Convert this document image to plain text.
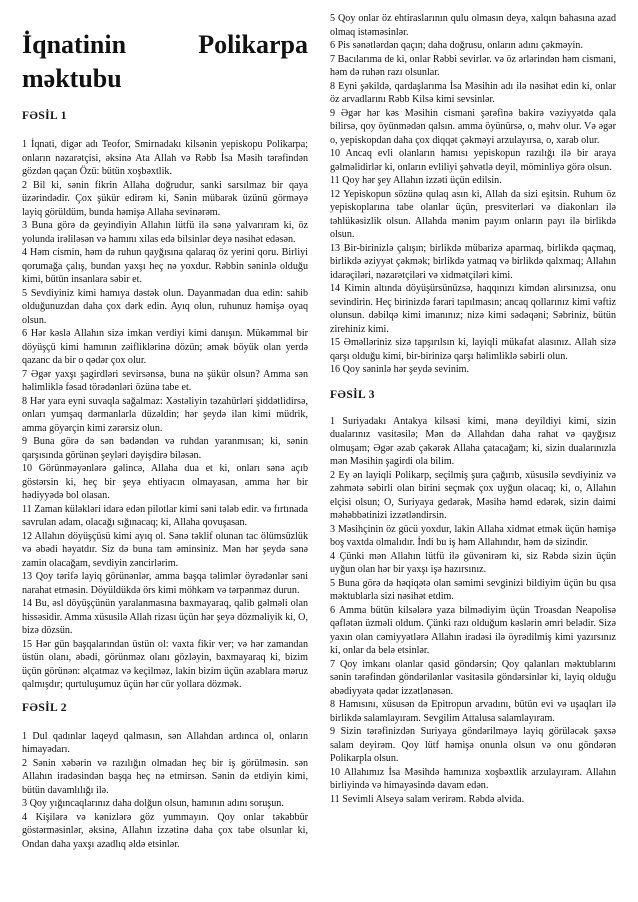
İqnatinin	Polikarpa
məktubu
FƏSİL 1

1 İqnati, digər adı Teofor, Smirnadakı kilsənin yepiskopu Polikarpa; onların nəzarətçisi, əksinə Ata Allah və Rəbb İsa Məsih tərəfindən gözdən qaçan Özü: bütün xoşbəxtlik.

2 Bil ki, sənin fikrin Allaha doğrudur, sanki sarsılmaz bir qaya üzərindədir. Çox şükür edirəm ki, Sənin mübarək üzünü görməyə layiq görüldüm, bunda həmişə Allaha sevinərəm.

3 Buna görə də geyindiyin Allahın lütfü ilə sənə yalvarıram ki, öz yolunda irəliləsən və hamını xilas edə bilsinlər deyə nəsihət edəsən.

4 Həm cismin, həm də ruhun qayğısına qalaraq öz yerini qoru. Birliyi qorumağa çalış, bundan yaxşı heç nə yoxdur. Rəbbin səninlə olduğu kimi, bütün insanlara səbir et.

5 Sevdiyiniz kimi hamıya dəstək olun. Dayanmadan dua edin: sahib olduğunuzdan daha çox dərk edin. Ayıq olun, ruhunuz həmişə oyaq olsun.

6 Hər kəslə Allahın sizə imkan verdiyi kimi danışın. Mükəmməl bir döyüşçü kimi hamının zəifliklərinə dözün; əmək böyük olan yerdə qazanc da bir o qədər çox olur.

7 Əgər yaxşı şagirdləri sevirsənsə, buna nə şükür olsun? Amma sən həlimliklə fəsad törədənləri özünə tabe et.

8 Hər yara eyni suvaqla sağalmaz: Xəstəliyin təzahürləri şiddətlidirsə, onları yumşaq dərmanlarla düzəldin; hər şeydə ilan kimi müdrik, amma göyərçin kimi zərərsiz olun.

9 Buna görə də sən bədəndən və ruhdan yaranmısan; ki, sənin qarşısında görünən şeyləri dəyişdirə biləsən.

10 Görünməyənlərə gəlincə, Allaha dua et ki, onları sənə açıb göstərsin ki, heç bir şeyə ehtiyacın olmayasan, amma hər bir hədiyyədə bol olasan.

11 Zaman küləkləri idarə edən pilotlar kimi səni tələb edir. və fırtınada savrulan adam, olacağı sığınacaq; ki, Allaha qovuşasan.

12 Allahın döyüşçüsü kimi ayıq ol. Sənə təklif olunan tac ölümsüzlük və əbədi həyatdır. Siz də buna tam əminsiniz. Mən hər şeydə sənə zamin olacağam, sevdiyin zəncirlərim.

13 Qoy tərifə layiq görünənlər, amma başqa təlimlər öyrədənlər səni narahat etməsin. Döyüldükdə örs kimi möhkəm və tərpənməz durun.

14 Bu, əsl döyüşçünün yaralanmasına baxmayaraq, qalib gəlməli olan hissəsidir. Amma xüsusilə Allah rizası üçün hər şeyə dözməliyik ki, O, bizə dözsün.

15 Hər gün başqalarından üstün ol: vaxta fikir ver; və hər zamandan üstün olanı, əbədi, görünməz olanı gözləyin, baxmayaraq ki, bizim üçün görünən: əlçatmaz və keçilməz, lakin bizim üçün əzablara məruz qalmışdır; qurtuluşumuz üçün hər cür yollara dözmək.

FƏSİL 2

1 Dul qadınlar laqeyd qalmasın, sən Allahdan ardınca ol, onların himayədarı.

2 Sənin xəbərin və razılığın olmadan heç bir iş görülməsin. sən Allahın iradəsindən başqa heç nə etmirsən. Sənin də etdiyin kimi, bütün davamlılığı ilə.

3 Qoy yığıncaqlarınız daha dolğun olsun, hamının adını soruşun.

4 Kişilərə və kənizlərə göz yummayın. Qoy onlar təkəbbür göstərməsinlər, əksinə, Allahın izzətinə daha çox tabe olsunlar ki, Ondan daha yaxşı azadlıq əldə etsinlər.

5 Qoy onlar öz ehtiraslarının qulu olmasın deyə, xalqın bahasına azad olmaq istəməsinlər.

6 Pis sənətlərdən qaçın; daha doğrusu, onların adını çəkməyin.

7 Bacılarıma de ki, onlar Rəbbi sevirlər. və öz ərlərindən həm cismani, həm də ruhən razı olsunlar.

8 Eyni şəkildə, qardaşlarıma İsa Məsihin adı ilə nəsihət edin ki, onlar öz arvadlarını Rəbb Kilsə kimi sevsinlər.

9 Əgər hər kəs Məsihin cismani şərəfinə bakirə vəziyyətdə qala bilirsə, qoy öyünmədən qalsın. amma öyünürsə, o, məhv olur. Və əgər o, yepiskopdan daha çox diqqət çəkməyi arzulayırsa, o, xarab olur.

10 Ancaq evli olanların hamısı yepiskopun razılığı ilə bir araya gəlməlidirlər ki, onların evliliyi şəhvətlə deyil, möminliyə görə olsun.

11 Qoy hər şey Allahın izzəti üçün edilsin.

12 Yepiskopun sözünə qulaq asın ki, Allah da sizi eşitsin. Ruhum öz yepiskoplarına tabe olanlar üçün, presviterləri və diakonları ilə təhlükəsizlik olsun. Allahda mənim payım onların payı ilə birlikdə olsun.

13 Bir-birinizlə çalışın; birlikdə mübarizə aparmaq, birlikdə qaçmaq, birlikdə əziyyət çəkmək; birlikdə yatmaq və birlikdə qalxmaq; Allahın idarəçiləri, nəzarətçiləri və xidmətçiləri kimi.

14 Kimin altında döyüşürsünüzsə, haqqınızı kimdən alırsınızsa, onu sevindirin. Heç birinizdə fərari tapılmasın; ancaq qollarınız kimi vəftiz olunsun. dəbilqə kimi imanınız; nizə kimi sədəqəni; Səbriniz, bütün zirehiniz kimi.

15 Əməlləriniz sizə tapşırılsın ki, layiqli mükafat alasınız. Allah sizə qarşı olduğu kimi, bir-birinizə qarşı həlimliklə səbirli olun.

16 Qoy səninlə hər şeydə sevinim.

FƏSİL 3

1 Suriyadakı Antakya kilsəsi kimi, mənə deyildiyi kimi, sizin dualarınız vasitəsilə; Mən də Allahdan daha rahat və qayğısız olmuşam; Əgər əzab çəkərək Allaha çatacağam; ki, sizin dualarınızla mən Məsihin şagirdi ola bilim.

2 Ey ən layiqli Polikarp, seçilmiş şura çağırıb, xüsusilə sevdiyiniz və zəhmətə səbirli olan birini seçmək çox uyğun olacaq; ki, o, Allahın elçisi olsun; O, Suriyaya gedərək, Məsihə həmd edərək, sizin daimi məhəbbətinizi izzətləndirsin.

3 Məsihçinin öz gücü yoxdur, lakin Allaha xidmət etmək üçün həmişə boş vaxtda olmalıdır. İndi bu iş həm Allahındır, həm də sizindir.

4 Çünki mən Allahın lütfü ilə güvənirəm ki, siz Rəbdə sizin üçün uyğun olan hər bir yaxşı işə hazırsınız.

5 Buna görə də həqiqətə olan səmimi sevginizi bildiyim üçün bu qısa məktublarla sizi nəsihət etdim.

6 Amma bütün kilsələrə yaza bilmədiyim üçün Troasdan Neapolisə qəflətən üzməli oldum. Çünki razı olduğum kəslərin əmri belədir. Sizə yaxın olan cəmiyyətlərə Allahın iradəsi ilə öyrədilmiş kimi yazırsınız ki, onlar da belə etsinlər.

7 Qoy imkanı olanlar qasid göndərsin; Qoy qalanları məktublarını sənin tərəfindən göndərilənlər vasitəsilə göndərsinlər ki, layiq olduğu əbədiyyətə qədər izzətlənəsən.

8 Hamısını, xüsusən də Epitropun arvadını, bütün evi və uşaqları ilə birlikdə salamlayıram. Sevgilim Attalusa salamlayıram.

9 Sizin tərəfinizdən Suriyaya göndərilməyə layiq görüləcək şəxsə salam deyirəm. Qoy lütf həmişə onunla olsun və onu göndərən Polikarpla olsun.

10 Allahımız İsa Məsihdə hamınıza xoşbəxtlik arzulayıram. Allahın birliyində və himayəsində davam edən.

11 Sevimli Alseyə salam verirəm. Rəbdə əlvida.
